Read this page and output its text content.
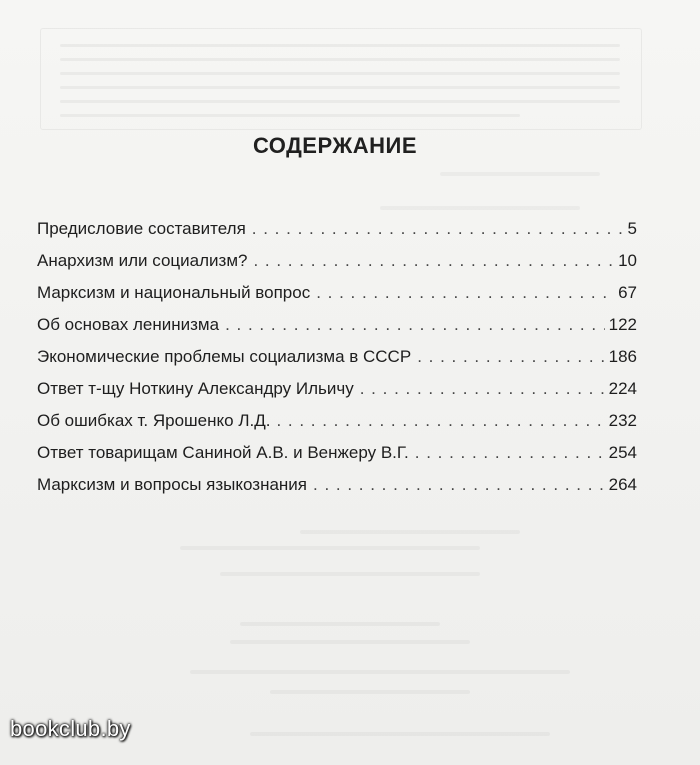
СОДЕРЖАНИЕ
Предисловие составителя . . .	5
Анархизм или социализм? . . .	10
Марксизм и национальный вопрос . . .	67
Об основах ленинизма . . .	122
Экономические проблемы социализма в СССР . . .	186
Ответ т-щу Ноткину Александру Ильичу . . .	224
Об ошибках т. Ярошенко Л.Д. . . .	232
Ответ товарищам Саниной А.В. и Венжеру В.Г. . . .	254
Марксизм и вопросы языкознания . . .	264
bookclub.by
